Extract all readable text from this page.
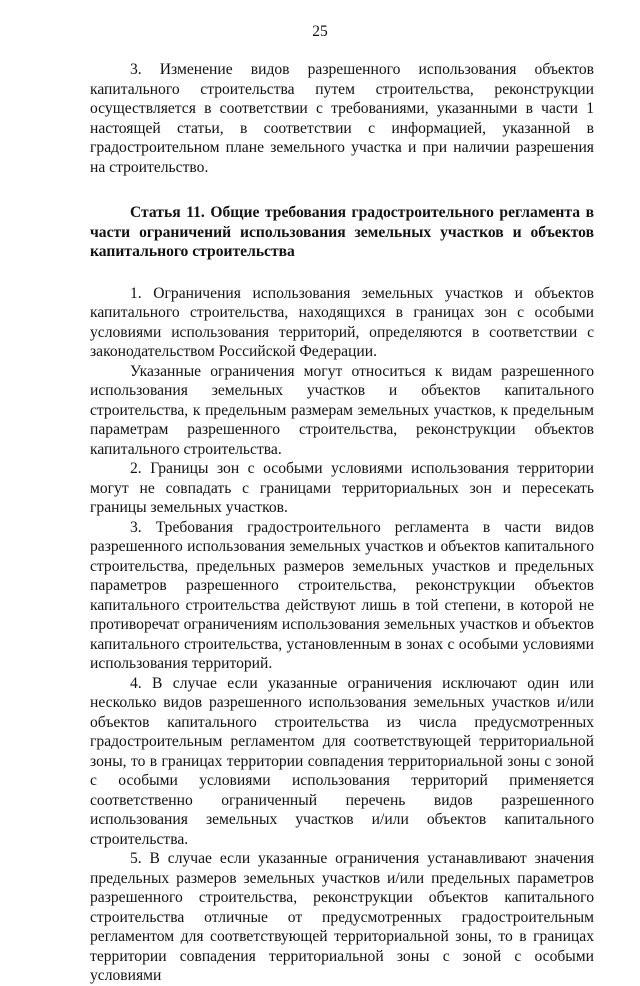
25

3. Изменение видов разрешенного использования объектов капитального строительства путем строительства, реконструкции осуществляется в соответствии с требованиями, указанными в части 1 настоящей статьи, в соответствии с информацией, указанной в градостроительном плане земельного участка и при наличии разрешения на строительство.

Статья 11. Общие требования градостроительного регламента в части ограничений использования земельных участков и объектов капитального строительства

1. Ограничения использования земельных участков и объектов капитального строительства, находящихся в границах зон с особыми условиями использования территорий, определяются в соответствии с законодательством Российской Федерации.

Указанные ограничения могут относиться к видам разрешенного использования земельных участков и объектов капитального строительства, к предельным размерам земельных участков, к предельным параметрам разрешенного строительства, реконструкции объектов капитального строительства.

2. Границы зон с особыми условиями использования территории могут не совпадать с границами территориальных зон и пересекать границы земельных участков.

3. Требования градостроительного регламента в части видов разрешенного использования земельных участков и объектов капитального строительства, предельных размеров земельных участков и предельных параметров разрешенного строительства, реконструкции объектов капитального строительства действуют лишь в той степени, в которой не противоречат ограничениям использования земельных участков и объектов капитального строительства, установленным в зонах с особыми условиями использования территорий.

4. В случае если указанные ограничения исключают один или несколько видов разрешенного использования земельных участков и/или объектов капитального строительства из числа предусмотренных градостроительным регламентом для соответствующей территориальной зоны, то в границах территории совпадения территориальной зоны с зоной с особыми условиями использования территорий применяется соответственно ограниченный перечень видов разрешенного использования земельных участков и/или объектов капитального строительства.

5. В случае если указанные ограничения устанавливают значения предельных размеров земельных участков и/или предельных параметров разрешенного строительства, реконструкции объектов капитального строительства отличные от предусмотренных градостроительным регламентом для соответствующей территориальной зоны, то в границах территории совпадения территориальной зоны с зоной с особыми условиями
